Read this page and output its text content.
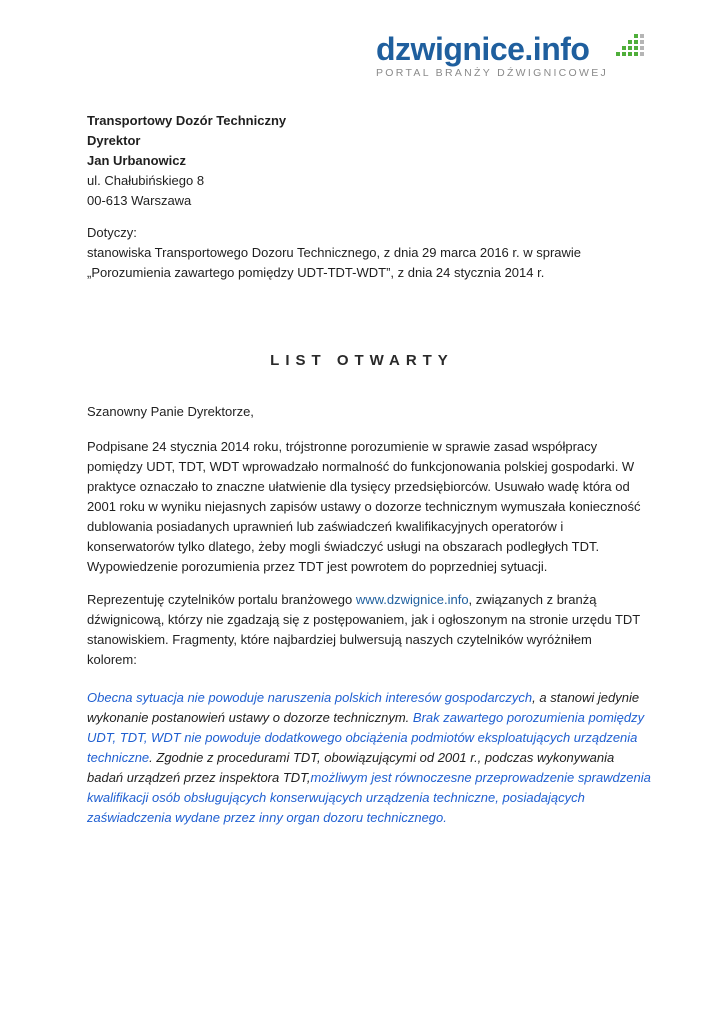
dzwignice.info
PORTAL BRANŻY DŹWIGNICOWEJ
Transportowy Dozór Techniczny
Dyrektor
Jan Urbanowicz
ul. Chałubińskiego 8
00-613 Warszawa
Dotyczy:
stanowiska Transportowego Dozoru Technicznego, z dnia 29 marca 2016 r. w sprawie
„Porozumienia zawartego pomiędzy UDT-TDT-WDT”, z dnia 24 stycznia 2014 r.
LIST OTWARTY
Szanowny Panie Dyrektorze,
Podpisane 24 stycznia 2014 roku, trójstronne porozumienie w sprawie zasad współpracy
pomiędzy UDT, TDT, WDT wprowadzało normalność do funkcjonowania polskiej gospodarki. W
praktyce oznaczało to znaczne ułatwienie dla tysięcy przedsiębiorców. Usuwało wadę która od
2001 roku w wyniku niejasnych zapisów ustawy o dozorze technicznym wymuszała konieczność
dublowania posiadanych uprawnień lub zaświadczeń kwalifikacyjnych operatorów i
konserwatorów tylko dlatego, żeby mogli świadczyć usługi na obszarach podległych TDT.
Wypowiedzenie porozumienia przez TDT jest powrotem do poprzedniej sytuacji.
Reprezentuję czytelników portalu branżowego www.dzwignice.info, związanych z branżą
dźwignicową, którzy nie zgadzają się z postępowaniem, jak i ogłoszonym na stronie urzędu TDT
stanowiskiem. Fragmenty, które najbardziej bulwersują naszych czytelników wyróżniłem
kolorem:
Obecna sytuacja nie powoduje naruszenia polskich interesów gospodarczych, a stanowi jedynie
wykonanie postanowień ustawy o dozorze technicznym. Brak zawartego porozumienia pomiędzy
UDT, TDT, WDT nie powoduje dodatkowego obciążenia podmiotów eksploatujących urządzenia
techniczne. Zgodnie z procedurami TDT, obowiązującymi od 2001 r., podczas wykonywania
badań urządzeń przez inspektora TDT,możliwym jest równoczesne przeprowadzenie sprawdzenia
kwalifikacji osób obsługujących konserwujących urządzenia techniczne, posiadających
zaświadczenia wydane przez inny organ dozoru technicznego.
